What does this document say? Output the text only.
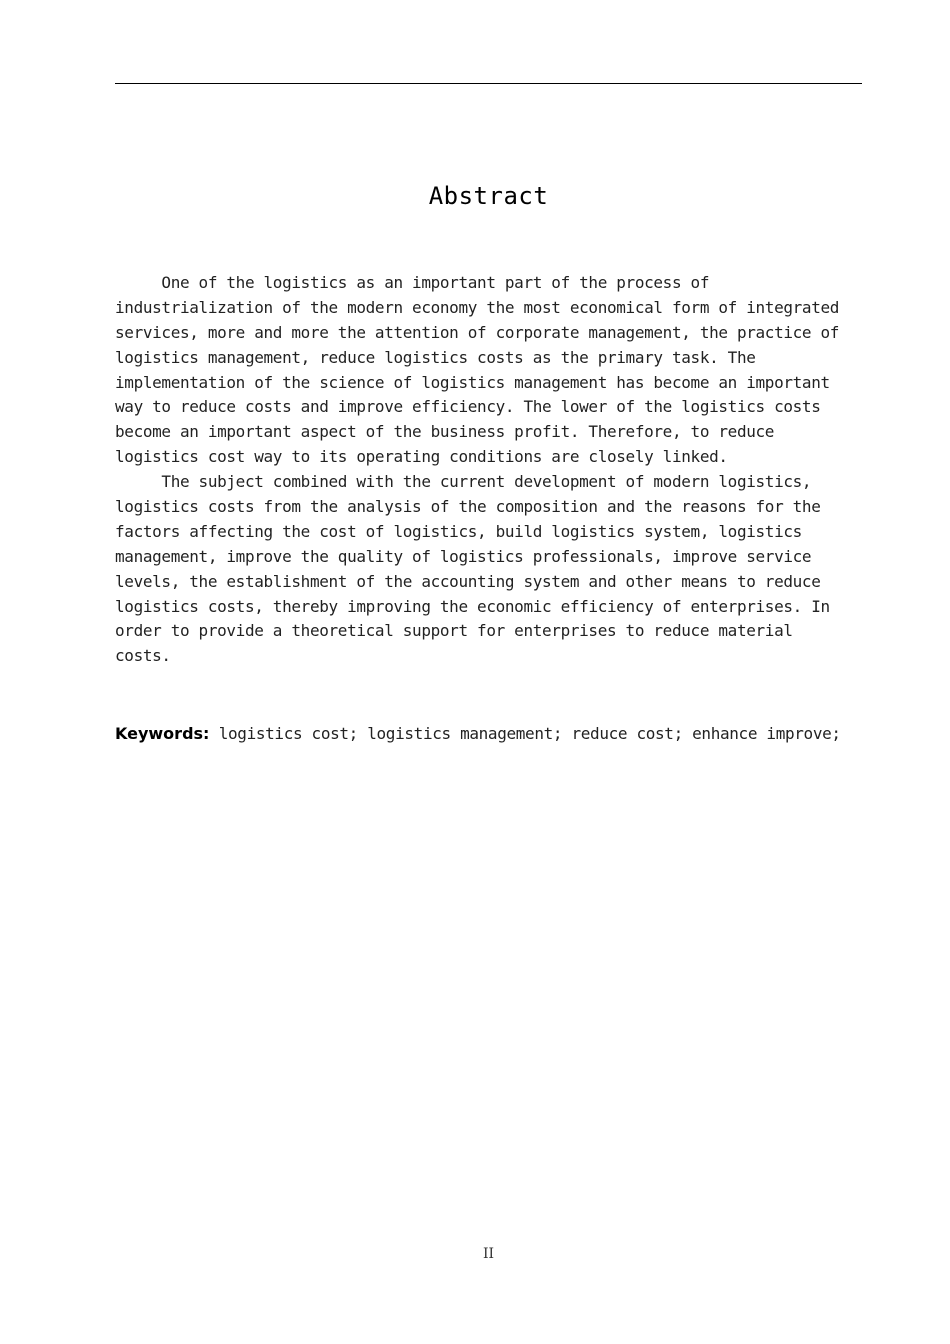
Abstract
One of the logistics as an important part of the process of
industrialization of the modern economy the most economical form of integrated
services, more and more the attention of corporate management, the practice of
logistics management, reduce logistics costs as the primary task. The
implementation of the science of logistics management has become an important
way to reduce costs and improve efficiency. The lower of the logistics costs
become an important aspect of the business profit. Therefore, to reduce
logistics cost way to its operating conditions are closely linked.
The subject combined with the current development of modern logistics,
logistics costs from the analysis of the composition and the reasons for the
factors affecting the cost of logistics, build logistics system, logistics
management, improve the quality of logistics professionals, improve service
levels, the establishment of the accounting system and other means to reduce
logistics costs, thereby improving the economic efficiency of enterprises. In
order to provide a theoretical support for enterprises to reduce material
costs.
Keywords: logistics cost; logistics management; reduce cost; enhance improve;
II
